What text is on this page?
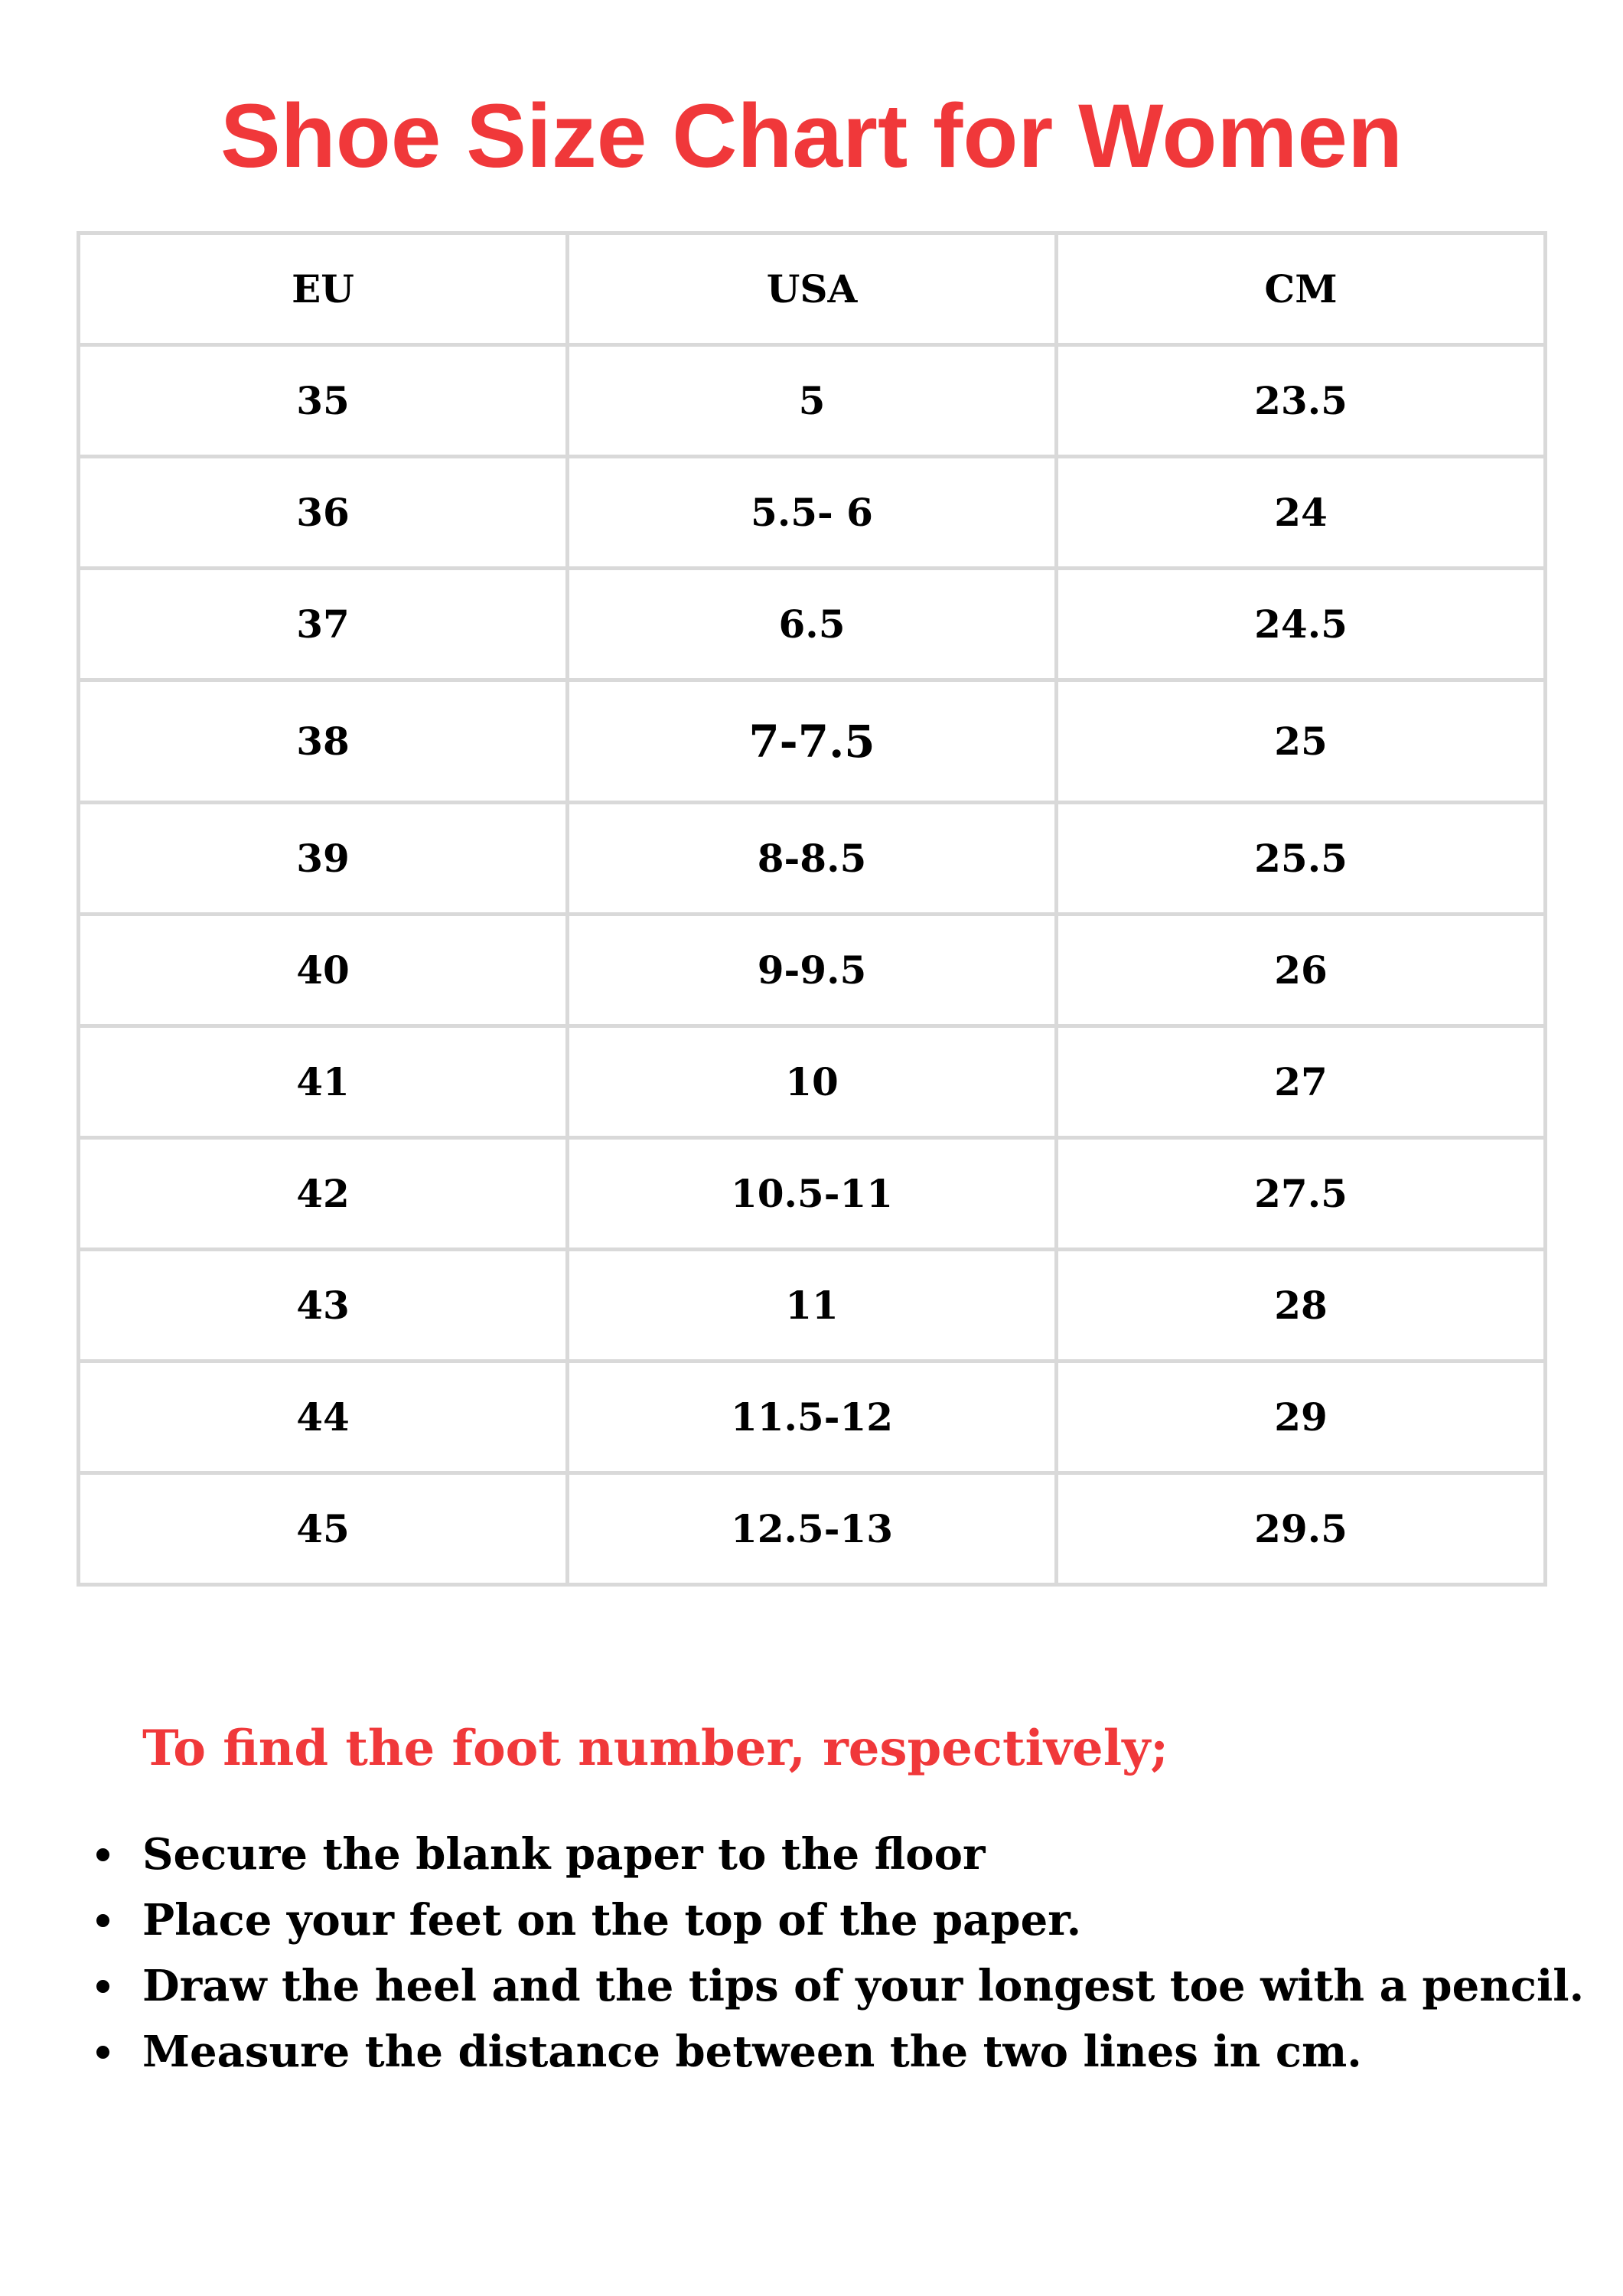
Shoe Size Chart for Women
EU	USA	CM
35	5	23.5
36	5.5- 6	24
37	6.5	24.5
38	7-7.5	25
39	8-8.5	25.5
40	9-9.5	26
41	10	27
42	10.5-11	27.5
43	11	28
44	11.5-12	29
45	12.5-13	29.5
To find the foot number, respectively;
Secure the blank paper to the floor
Place your feet on the top of the paper.
Draw the heel and the tips of your longest toe with a pencil.
Measure the distance between the two lines in cm.
